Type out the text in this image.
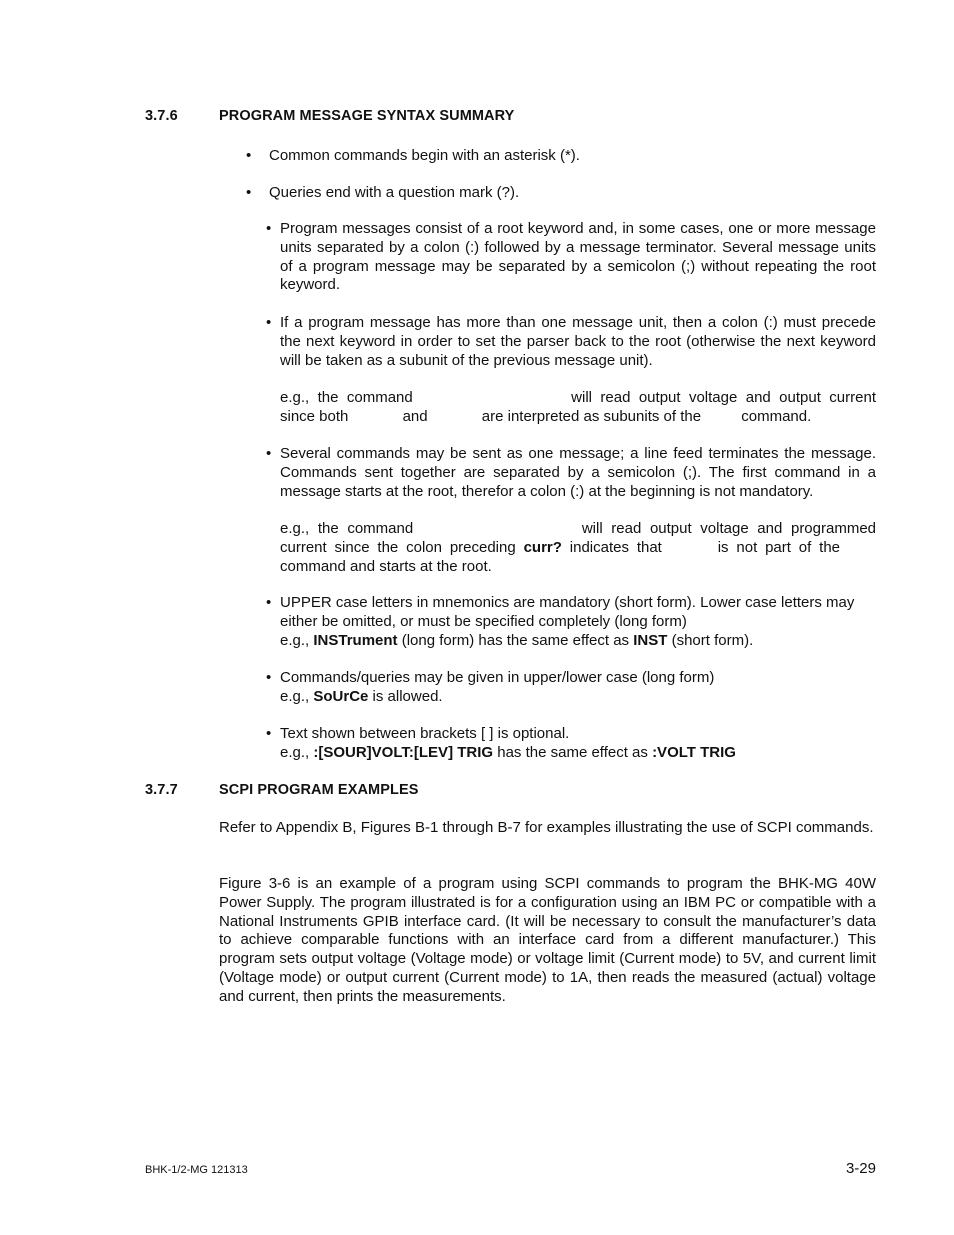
3.7.6	PROGRAM MESSAGE SYNTAX SUMMARY
• Common commands begin with an asterisk (*).
• Queries end with a question mark (?).
• Program messages consist of a root keyword and, in some cases, one or more message units separated by a colon (:) followed by a message terminator. Several message units of a program message may be separated by a semicolon (;) without repeating the root keyword.
• If a program message has more than one message unit, then a colon (:) must precede the next keyword in order to set the parser back to the root (otherwise the next keyword will be taken as a subunit of the previous message unit).
e.g., the command	will read output voltage and output current since both	and	are interpreted as subunits of the	command.
• Several commands may be sent as one message; a line feed terminates the message. Commands sent together are separated by a semicolon (;). The first command in a message starts at the root, therefor a colon (:) at the beginning is not mandatory.
e.g., the command	will read output voltage and programmed current since the colon preceding curr? indicates that	is not part of the command and starts at the root.
• UPPER case letters in mnemonics are mandatory (short form). Lower case letters may either be omitted, or must be specified completely (long form)
e.g., INSTrument (long form) has the same effect as INST (short form).
• Commands/queries may be given in upper/lower case (long form)
e.g., SoUrCe is allowed.
• Text shown between brackets [ ] is optional.
e.g., :[SOUR]VOLT:[LEV] TRIG has the same effect as :VOLT TRIG
3.7.7	SCPI PROGRAM EXAMPLES
Refer to Appendix B, Figures B-1 through B-7 for examples illustrating the use of SCPI commands.
Figure 3-6 is an example of a program using SCPI commands to program the BHK-MG 40W Power Supply. The program illustrated is for a configuration using an IBM PC or compatible with a National Instruments GPIB interface card. (It will be necessary to consult the manufacturer’s data to achieve comparable functions with an interface card from a different manufacturer.) This program sets output voltage (Voltage mode) or voltage limit (Current mode) to 5V, and current limit (Voltage mode) or output current (Current mode) to 1A, then reads the measured (actual) voltage and current, then prints the measurements.
BHK-1/2-MG 121313	3-29
